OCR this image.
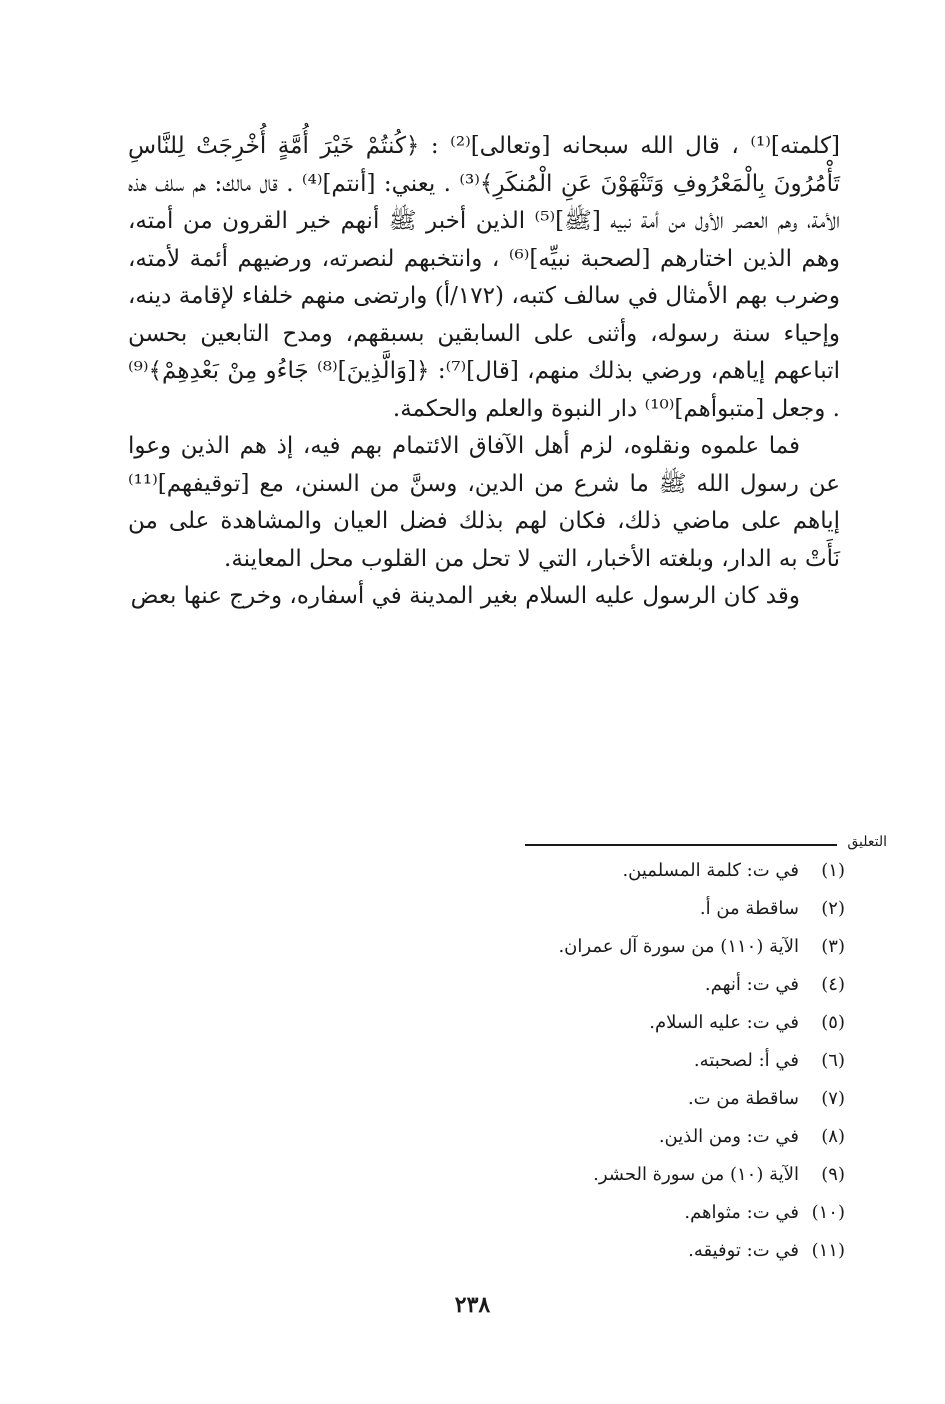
[كلمته]⁽¹⁾ ، قال الله سبحانه [وتعالى]⁽²⁾ : ﴿كُنتُمْ خَيْرَ أُمَّةٍ أُخْرِجَتْ لِلنَّاسِ تَأْمُرُونَ بِالْمَعْرُوفِ وَتَنْهَوْنَ عَنِ الْمُنكَرِ﴾⁽³⁾ . يعني: [أنتم]⁽⁴⁾ . قال مالك: هم سلف هذه الأمة، وهم العصر الأول من أمة نبيه [ﷺ]⁽⁵⁾ الذين أخبر ﷺ أنهم خير القرون من أمته، وهم الذين اختارهم [لصحبة نبيِّه]⁽⁶⁾ ، وانتخبهم لنصرته، ورضيهم أئمة لأمته، وضرب بهم الأمثال في سالف كتبه، (١٧٢/أ) وارتضى منهم خلفاء لإقامة دينه، وإحياء سنة رسوله، وأثنى على السابقين بسبقهم، ومدح التابعين بحسن اتباعهم إياهم، ورضي بذلك منهم، [قال]⁽⁷⁾: ﴿[وَالَّذِينَ]⁽⁸⁾ جَاءُو مِنْ بَعْدِهِمْ﴾⁽⁹⁾ . وجعل [متبوأهم]⁽¹⁰⁾ دار النبوة والعلم والحكمة.

فما علموه ونقلوه، لزم أهل الآفاق الائتمام بهم فيه، إذ هم الذين وعوا عن رسول الله ﷺ ما شرع من الدين، وسنَّ من السنن، مع [توقيفهم]⁽¹¹⁾ إياهم على ماضي ذلك، فكان لهم بذلك فضل العيان والمشاهدة على من نَأَتْ به الدار، وبلغته الأخبار، التي لا تحل من القلوب محل المعاينة.

وقد كان الرسول عليه السلام بغير المدينة في أسفاره، وخرج عنها بعض

التعليق
(١)
في ت: كلمة المسلمين.
(٢)
ساقطة من أ.
(٣)
الآية (١١٠) من سورة آل عمران.
(٤)
في ت: أنهم.
(٥)
في ت: عليه السلام.
(٦)
في أ: لصحبته.
(٧)
ساقطة من ت.
(٨)
في ت: ومن الذين.
(٩)
الآية (١٠) من سورة الحشر.
(١٠)
في ت: مثواهم.
(١١)
في ت: توفيقه.
٢٣٨
